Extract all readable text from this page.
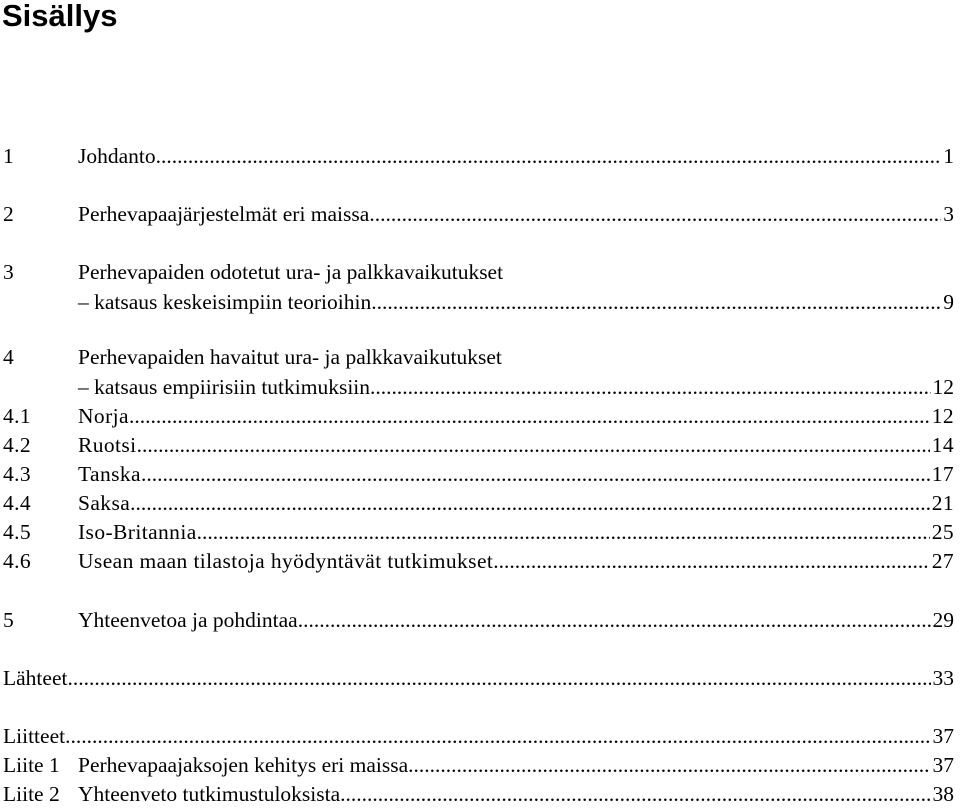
Sisällys
1	Johdanto .....	1
2	Perhevapaajärjestelmät eri maissa .....	3
3	Perhevapaiden odotetut ura- ja palkkavaikutukset
– katsaus keskeisimpiin teorioihin .....	9
4	Perhevapaiden havaitut ura- ja palkkavaikutukset
– katsaus empiirisiin tutkimuksiin .....	12
4.1	Norja .....	12
4.2	Ruotsi .....	14
4.3	Tanska .....	17
4.4	Saksa .....	21
4.5	Iso-Britannia .....	25
4.6	Usean maan tilastoja hyödyntävät tutkimukset .....	27
5	Yhteenvetoa ja pohdintaa .....	29
Lähteet .....	33
Liitteet .....	37
Liite 1 Perhevapaajaksojen kehitys eri maissa .....	37
Liite 2 Yhteenveto tutkimustuloksista .....	38
